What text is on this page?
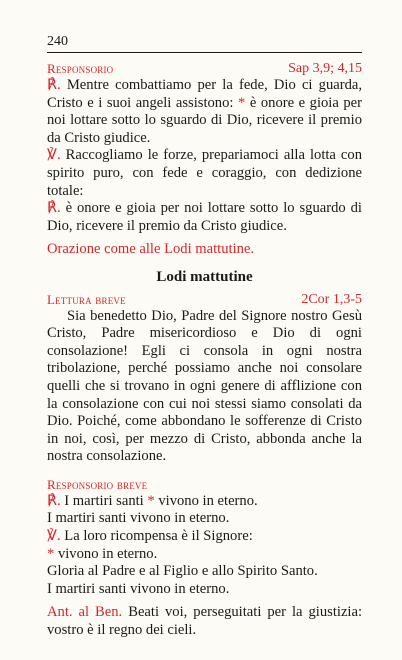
240
Responsorio	Sap 3,9; 4,15

℟. Mentre combattiamo per la fede, Dio ci guarda, Cristo e i suoi angeli assistono: * è onore e gioia per noi lottare sotto lo sguardo di Dio, ricevere il premio da Cristo giudice.

℣. Raccogliamo le forze, prepariamoci alla lotta con spirito puro, con fede e coraggio, con dedizione totale:

℟. è onore e gioia per noi lottare sotto lo sguardo di Dio, ricevere il premio da Cristo giudice.

Orazione come alle Lodi mattutine.

Lodi mattutine
Lettura breve	2Cor 1,3-5

Sia benedetto Dio, Padre del Signore nostro Gesù Cristo, Padre misericordioso e Dio di ogni consolazione! Egli ci consola in ogni nostra tribolazione, perché possiamo anche noi consolare quelli che si trovano in ogni genere di afflizione con la consolazione con cui noi stessi siamo consolati da Dio. Poiché, come abbondano le sofferenze di Cristo in noi, così, per mezzo di Cristo, abbonda anche la nostra consolazione.

Responsorio breve
℟. I martiri santi * vivono in eterno.
I martiri santi vivono in eterno.
℣. La loro ricompensa è il Signore:
* vivono in eterno.
Gloria al Padre e al Figlio e allo Spirito Santo.
I martiri santi vivono in eterno.

Ant. al Ben. Beati voi, perseguitati per la giustizia: vostro è il regno dei cieli.
